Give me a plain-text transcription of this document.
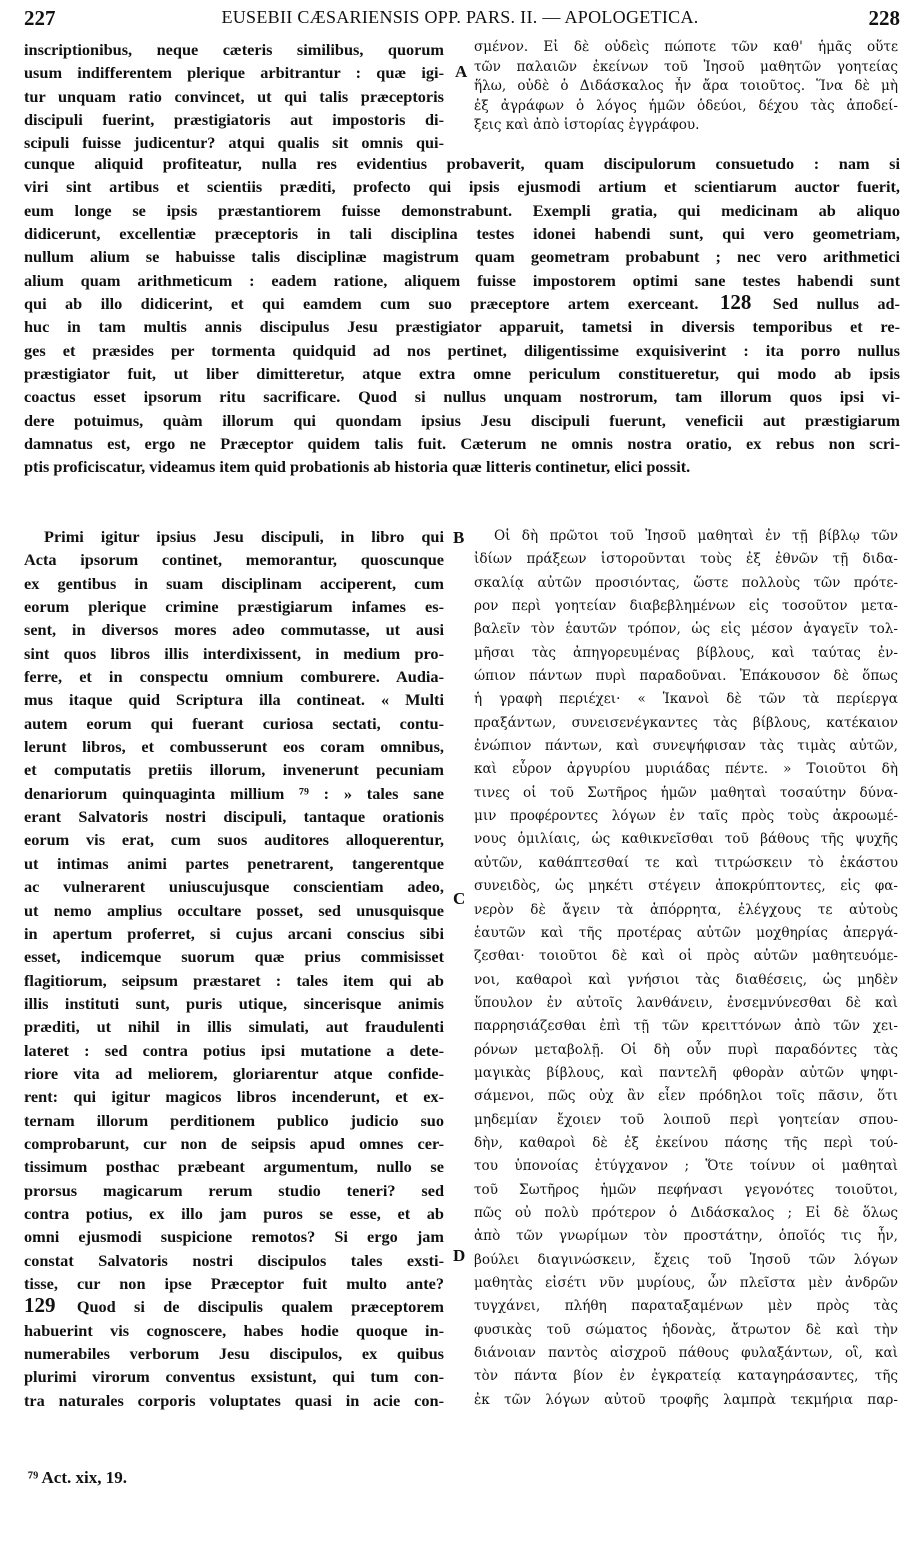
227	EUSEBII CÆSARIENSIS OPP. PARS. II. — APOLOGETICA.	228
inscriptionibus, neque cæteris similibus, quorum
usum indifferentem plerique arbitrantur : quæ igi-
tur unquam ratio convincet, ut qui talis præceptoris
discipuli fuerint, præstigiatoris aut impostoris di-
scipuli fuisse judicentur? atqui qualis sit omnis qui-
A
σμένον. Εἰ δὲ οὐδεὶς πώποτε τῶν καθ' ἡμᾶς οὕτε
τῶν παλαιῶν ἐκείνων τοῦ Ἰησοῦ μαθητῶν γοητείας
ἥλω, οὐδὲ ὁ Διδάσκαλος ἦν ἄρα τοιοῦτος. Ἵνα δὲ μὴ
ἐξ ἀγράφων ὁ λόγος ἡμῶν ὁδεύοι, δέχου τὰς ἀποδεί-
ξεις καὶ ἀπὸ ἱστορίας ἐγγράφου.
cunque aliquid profiteatur, nulla res evidentius probaverit, quam discipulorum consuetudo : nam si
viri sint artibus et scientiis præditi, profecto qui ipsis ejusmodi artium et scientiarum auctor fuerit,
eum longe se ipsis præstantiorem fuisse demonstrabunt. Exempli gratia, qui medicinam ab aliquo
didicerunt, excellentiæ præceptoris in tali disciplina testes idonei habendi sunt, qui vero geometriam,
nullum alium se habuisse talis disciplinæ magistrum quam geometram probabunt ; nec vero arithmetici
alium quam arithmeticum : eadem ratione, aliquem fuisse impostorem optimi sane testes habendi sunt
qui ab illo didicerint, et qui eamdem cum suo præceptore artem exerceant. 128 Sed nullus ad-
huc in tam multis annis discipulus Jesu præstigiator apparuit, tametsi in diversis temporibus et re-
ges et præsides per tormenta quidquid ad nos pertinet, diligentissime exquisiverint : ita porro nullus
præstigiator fuit, ut liber dimitteretur, atque extra omne periculum constitueretur, qui modo ab ipsis
coactus esset ipsorum ritu sacrificare. Quod si nullus unquam nostrorum, tam illorum quos ipsi vi-
dere potuimus, quàm illorum qui quondam ipsius Jesu discipuli fuerunt, veneficii aut præstigiarum
damnatus est, ergo ne Præceptor quidem talis fuit. Cæterum ne omnis nostra oratio, ex rebus non scri-
ptis proficiscatur, videamus item quid probationis ab historia quæ litteris continetur, elici possit.
Primi igitur ipsius Jesu discipuli, in libro qui
Acta ipsorum continet, memorantur, quoscunque
ex gentibus in suam disciplinam acciperent, cum
eorum plerique crimine præstigiarum infames es-
sent, in diversos mores adeo commutasse, ut ausi
sint quos libros illis interdixissent, in medium pro-
ferre, et in conspectu omnium comburere. Audia-
mus itaque quid Scriptura illa contineat. « Multi
autem eorum qui fuerant curiosa sectati, contu-
lerunt libros, et combusserunt eos coram omnibus,
et computatis pretiis illorum, invenerunt pecuniam
denariorum quinquaginta millium ⁷⁹ : » tales sane
erant Salvatoris nostri discipuli, tantaque orationis
eorum vis erat, cum suos auditores alloquerentur,
ut intimas animi partes penetrarent, tangerentque
ac vulnerarent uniuscujusque conscientiam adeo,
ut nemo amplius occultare posset, sed unusquisque
in apertum proferret, si cujus arcani conscius sibi
esset, indicemque suorum quæ prius commisisset
flagitiorum, seipsum præstaret : tales item qui ab
illis instituti sunt, puris utique, sincerisque animis
præditi, ut nihil in illis simulati, aut fraudulenti
lateret : sed contra potius ipsi mutatione a dete-
riore vita ad meliorem, gloriarentur atque confide-
rent: qui igitur magicos libros incenderunt, et ex-
ternam illorum perditionem publico judicio suo
comprobarunt, cur non de seipsis apud omnes cer-
tissimum posthac præbeant argumentum, nullo se
prorsus magicarum rerum studio teneri? sed
contra potius, ex illo jam puros se esse, et ab
omni ejusmodi suspicione remotos? Si ergo jam
constat Salvatoris nostri discipulos tales exsti-
tisse, cur non ipse Præceptor fuit multo ante?
129 Quod si de discipulis qualem præceptorem
habuerint vis cognoscere, habes hodie quoque in-
numerabiles verborum Jesu discipulos, ex quibus
plurimi virorum conventus exsistunt, qui tum con-
tra naturales corporis voluptates quasi in acie con-
B
C
D
Οἱ δὴ πρῶτοι τοῦ Ἰησοῦ μαθηταὶ ἐν τῇ βίβλῳ τῶν
ἰδίων πράξεων ἱστοροῦνται τοὺς ἐξ ἐθνῶν τῇ διδα-
σκαλίᾳ αὐτῶν προσιόντας, ὥστε πολλοὺς τῶν πρότε-
ρον περὶ γοητείαν διαβεβλημένων εἰς τοσοῦτον μετα-
βαλεῖν τὸν ἑαυτῶν τρόπον, ὡς εἰς μέσον ἀγαγεῖν τολ-
μῆσαι τὰς ἀπηγορευμένας βίβλους, καὶ ταύτας ἐν-
ώπιον πάντων πυρὶ παραδοῦναι. Ἐπάκουσον δὲ ὅπως
ἡ γραφὴ περιέχει· « Ἱκανοὶ δὲ τῶν τὰ περίεργα
πραξάντων, συνεισενέγκαντες τὰς βίβλους, κατέκαιον
ἐνώπιον πάντων, καὶ συνεψήφισαν τὰς τιμὰς αὐτῶν,
καὶ εὗρον ἀργυρίου μυριάδας πέντε. » Τοιοῦτοι δὴ
τινες οἱ τοῦ Σωτῆρος ἡμῶν μαθηταὶ τοσαύτην δύνα-
μιν προφέροντες λόγων ἐν ταῖς πρὸς τοὺς ἀκροωμέ-
νους ὁμιλίαις, ὡς καθικνεῖσθαι τοῦ βάθους τῆς ψυχῆς
αὐτῶν, καθάπτεσθαί τε καὶ τιτρώσκειν τὸ ἑκάστου
συνειδὸς, ὡς μηκέτι στέγειν ἀποκρύπτοντες, εἰς φα-
νερὸν δὲ ἄγειν τὰ ἀπόρρητα, ἐλέγχους τε αὐτοὺς
ἑαυτῶν καὶ τῆς προτέρας αὐτῶν μοχθηρίας ἀπεργά-
ζεσθαι· τοιοῦτοι δὲ καὶ οἱ πρὸς αὐτῶν μαθητευόμε-
νοι, καθαροὶ καὶ γνήσιοι τὰς διαθέσεις, ὡς μηδὲν
ὕπουλον ἐν αὐτοῖς λανθάνειν, ἐνσεμνύνεσθαι δὲ καὶ
παρρησιάζεσθαι ἐπὶ τῇ τῶν κρειττόνων ἀπὸ τῶν χει-
ρόνων μεταβολῇ. Οἱ δὴ οὖν πυρὶ παραδόντες τὰς
μαγικὰς βίβλους, καὶ παντελῆ φθορὰν αὐτῶν ψηφι-
σάμενοι, πῶς οὐχ ἂν εἶεν πρόδηλοι τοῖς πᾶσιν, ὅτι
μηδεμίαν ἔχοιεν τοῦ λοιποῦ περὶ γοητείαν σπου-
δὴν, καθαροὶ δὲ ἐξ ἐκείνου πάσης τῆς περὶ τού-
του ὑπονοίας ἐτύγχανον ; Ὅτε τοίνυν οἱ μαθηταὶ
τοῦ Σωτῆρος ἡμῶν πεφήνασι γεγονότες τοιοῦτοι,
πῶς οὐ πολὺ πρότερον ὁ Διδάσκαλος ; Εἰ δὲ ὅλως
ἀπὸ τῶν γνωρίμων τὸν προστάτην, ὁποῖός τις ἦν,
βούλει διαγινώσκειν, ἔχεις τοῦ Ἰησοῦ τῶν λόγων
μαθητὰς εἰσέτι νῦν μυρίους, ὧν πλεῖστα μὲν ἀνδρῶν
τυγχάνει, πλήθη παραταξαμένων μὲν πρὸς τὰς
φυσικὰς τοῦ σώματος ἡδονὰς, ἄτρωτον δὲ καὶ τὴν
διάνοιαν παντὸς αἰσχροῦ πάθους φυλαξάντων, οἳ, καὶ
τὸν πάντα βίον ἐν ἐγκρατείᾳ καταγηράσαντες, τῆς
ἐκ τῶν λόγων αὐτοῦ τροφῆς λαμπρὰ τεκμήρια παρ-
⁷⁹ Act. xix, 19.
